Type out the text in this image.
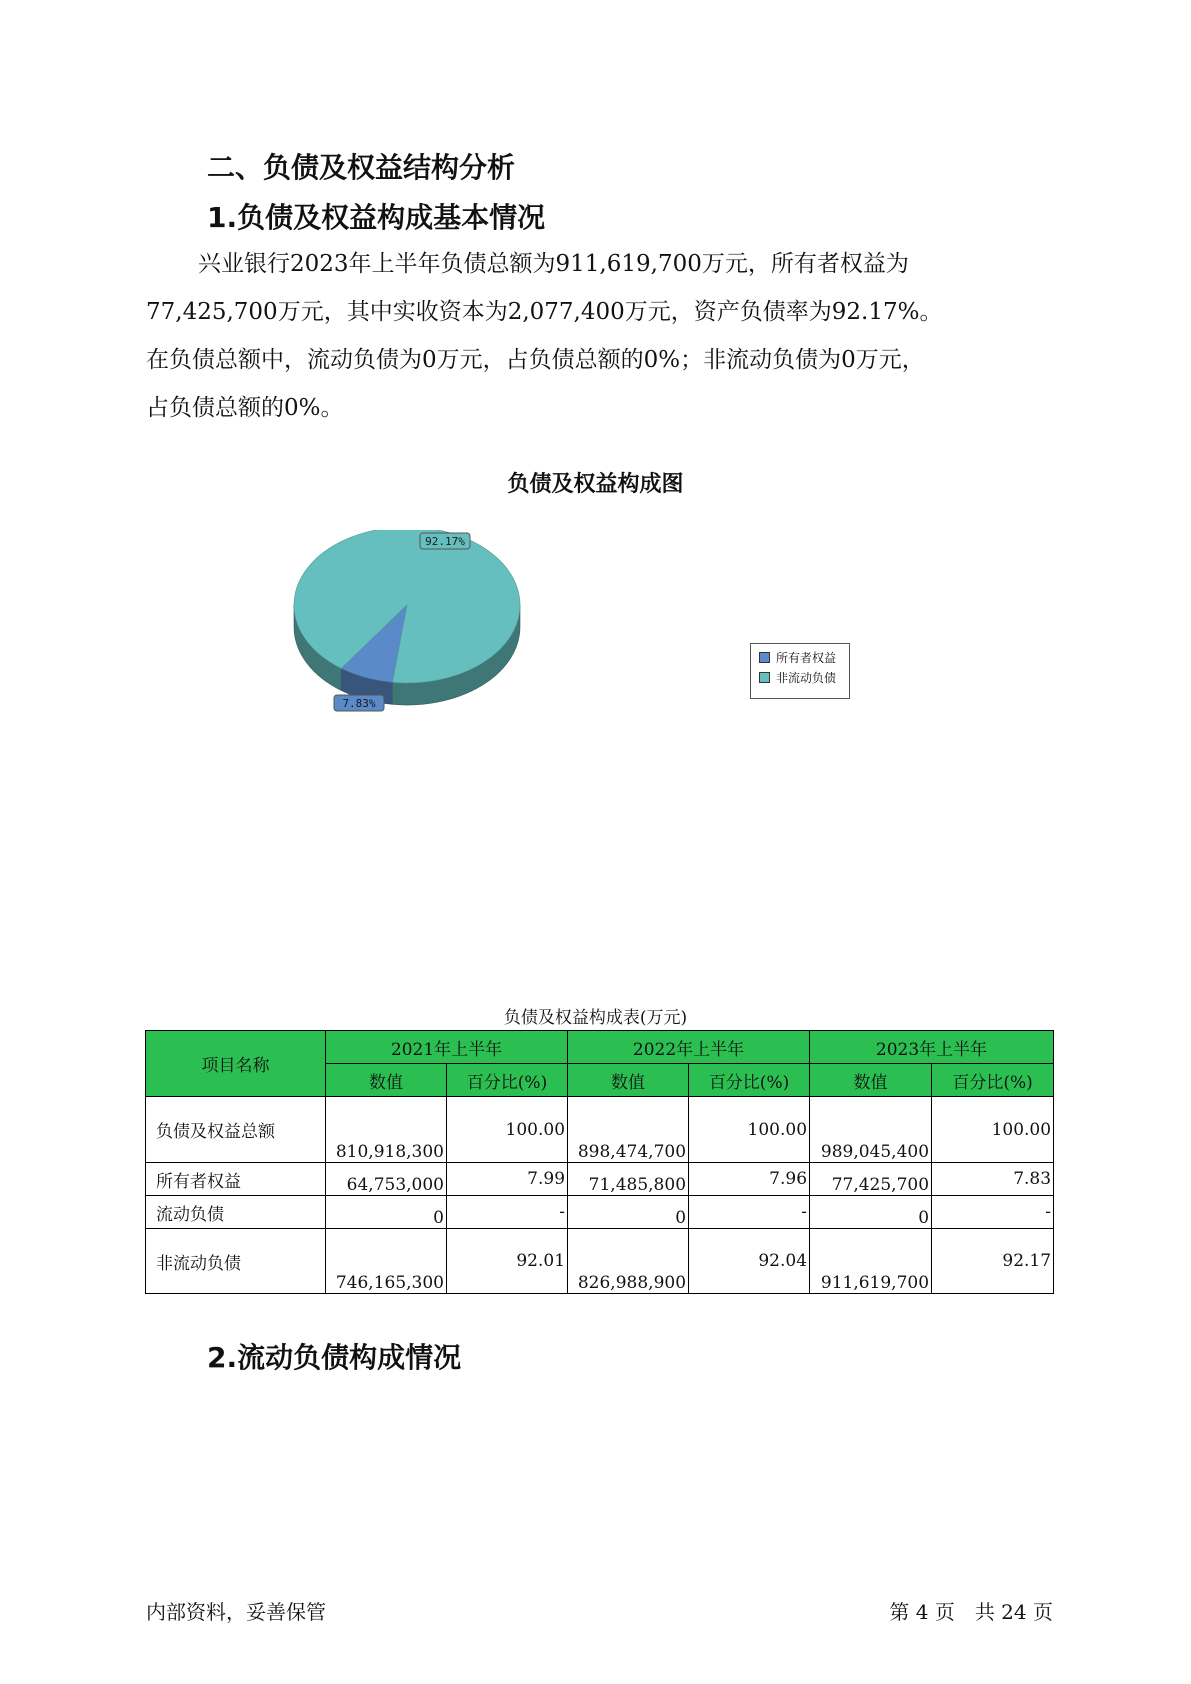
二、负债及权益结构分析
1.负债及权益构成基本情况
兴业银行2023年上半年负债总额为911,619,700万元，所有者权益为
77,425,700万元，其中实收资本为2,077,400万元，资产负债率为92.17%。
在负债总额中，流动负债为0万元，占负债总额的0%；非流动负债为0万元，
占负债总额的0%。
负债及权益构成图
7.83%
92.17%
所有者权益
非流动负债
负债及权益构成表(万元)
项目名称	2021年上半年		2022年上半年		2023年上半年	
	数值	百分比(%)	数值	百分比(%)	数值	百分比(%)
负债及权益总额	810,918,300	100.00	898,474,700	100.00	989,045,400	100.00
所有者权益	64,753,000	7.99	71,485,800	7.96	77,425,700	7.83
流动负债	0	-	0	-	0	-
非流动负债	746,165,300	92.01	826,988,900	92.04	911,619,700	92.17
2.流动负债构成情况
内部资料，妥善保管	第 4 页　共 24 页
